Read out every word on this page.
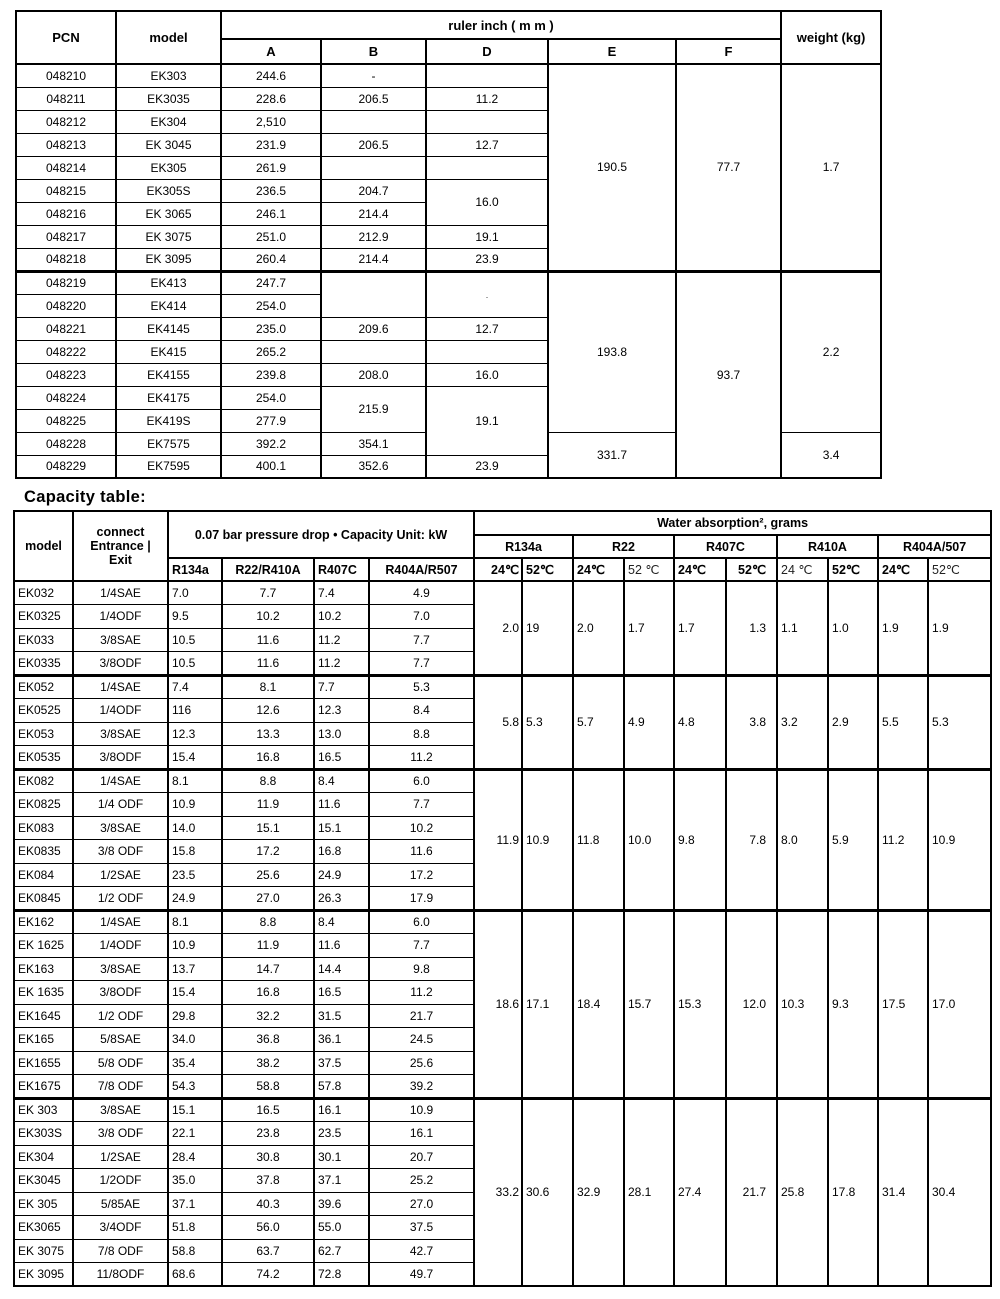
PCN	model	ruler inch ( m m )					weight (kg)
		A	B	D	E	F	
048210	EK303	244.6	-		190.5	77.7	1.7
048211	EK3035	228.6	206.5	11.2			
048212	EK304	2,510					
048213	EK 3045	231.9	206.5	12.7			
048214	EK305	261.9					
048215	EK305S	236.5	204.7	16.0			
048216	EK 3065	246.1	214.4				
048217	EK 3075	251.0	212.9	19.1			
048218	EK 3095	260.4	214.4	23.9			
048219	EK413	247.7		.	193.8	93.7	2.2
048220	EK414	254.0					
048221	EK4145	235.0	209.6	12.7			
048222	EK415	265.2					
048223	EK4155	239.8	208.0	16.0			
048224	EK4175	254.0	215.9	19.1			
048225	EK419S	277.9					
048228	EK7575	392.2	354.1		331.7		3.4
048229	EK7595	400.1	352.6	23.9			
Capacity table:
model	connect
Entrance |
Exit	0.07 bar pressure drop • Capacity Unit: kW				Water absorption², grams									
						R134a		R22		R407C		R410A		R404A/507	
		R134a	R22/R410A	R407C	R404A/R507	24℃	52℃	24℃	52 ℃	24℃	52℃	24 ℃	52℃	24℃	52℃
EK032	1/4SAE	7.0	7.7	7.4	4.9	2.0	19	2.0	1.7	1.7	1.3	1.1	1.0	1.9	1.9
EK0325	1/4ODF	9.5	10.2	10.2	7.0										
EK033	3/8SAE	10.5	11.6	11.2	7.7										
EK0335	3/8ODF	10.5	11.6	11.2	7.7										
EK052	1/4SAE	7.4	8.1	7.7	5.3	5.8	5.3	5.7	4.9	4.8	3.8	3.2	2.9	5.5	5.3
EK0525	1/4ODF	116	12.6	12.3	8.4										
EK053	3/8SAE	12.3	13.3	13.0	8.8										
EK0535	3/8ODF	15.4	16.8	16.5	11.2										
EK082	1/4SAE	8.1	8.8	8.4	6.0	11.9	10.9	11.8	10.0	9.8	7.8	8.0	5.9	11.2	10.9
EK0825	1/4 ODF	10.9	11.9	11.6	7.7										
EK083	3/8SAE	14.0	15.1	15.1	10.2										
EK0835	3/8 ODF	15.8	17.2	16.8	11.6										
EK084	1/2SAE	23.5	25.6	24.9	17.2										
EK0845	1/2 ODF	24.9	27.0	26.3	17.9										
EK162	1/4SAE	8.1	8.8	8.4	6.0	18.6	17.1	18.4	15.7	15.3	12.0	10.3	9.3	17.5	17.0
EK 1625	1/4ODF	10.9	11.9	11.6	7.7										
EK163	3/8SAE	13.7	14.7	14.4	9.8										
EK 1635	3/8ODF	15.4	16.8	16.5	11.2										
EK1645	1/2 ODF	29.8	32.2	31.5	21.7										
EK165	5/8SAE	34.0	36.8	36.1	24.5										
EK1655	5/8 ODF	35.4	38.2	37.5	25.6										
EK1675	7/8 ODF	54.3	58.8	57.8	39.2										
EK 303	3/8SAE	15.1	16.5	16.1	10.9	33.2	30.6	32.9	28.1	27.4	21.7	25.8	17.8	31.4	30.4
EK303S	3/8 ODF	22.1	23.8	23.5	16.1										
EK304	1/2SAE	28.4	30.8	30.1	20.7										
EK3045	1/2ODF	35.0	37.8	37.1	25.2										
EK 305	5/85AE	37.1	40.3	39.6	27.0										
EK3065	3/4ODF	51.8	56.0	55.0	37.5										
EK 3075	7/8 ODF	58.8	63.7	62.7	42.7										
EK 3095	11/8ODF	68.6	74.2	72.8	49.7										
